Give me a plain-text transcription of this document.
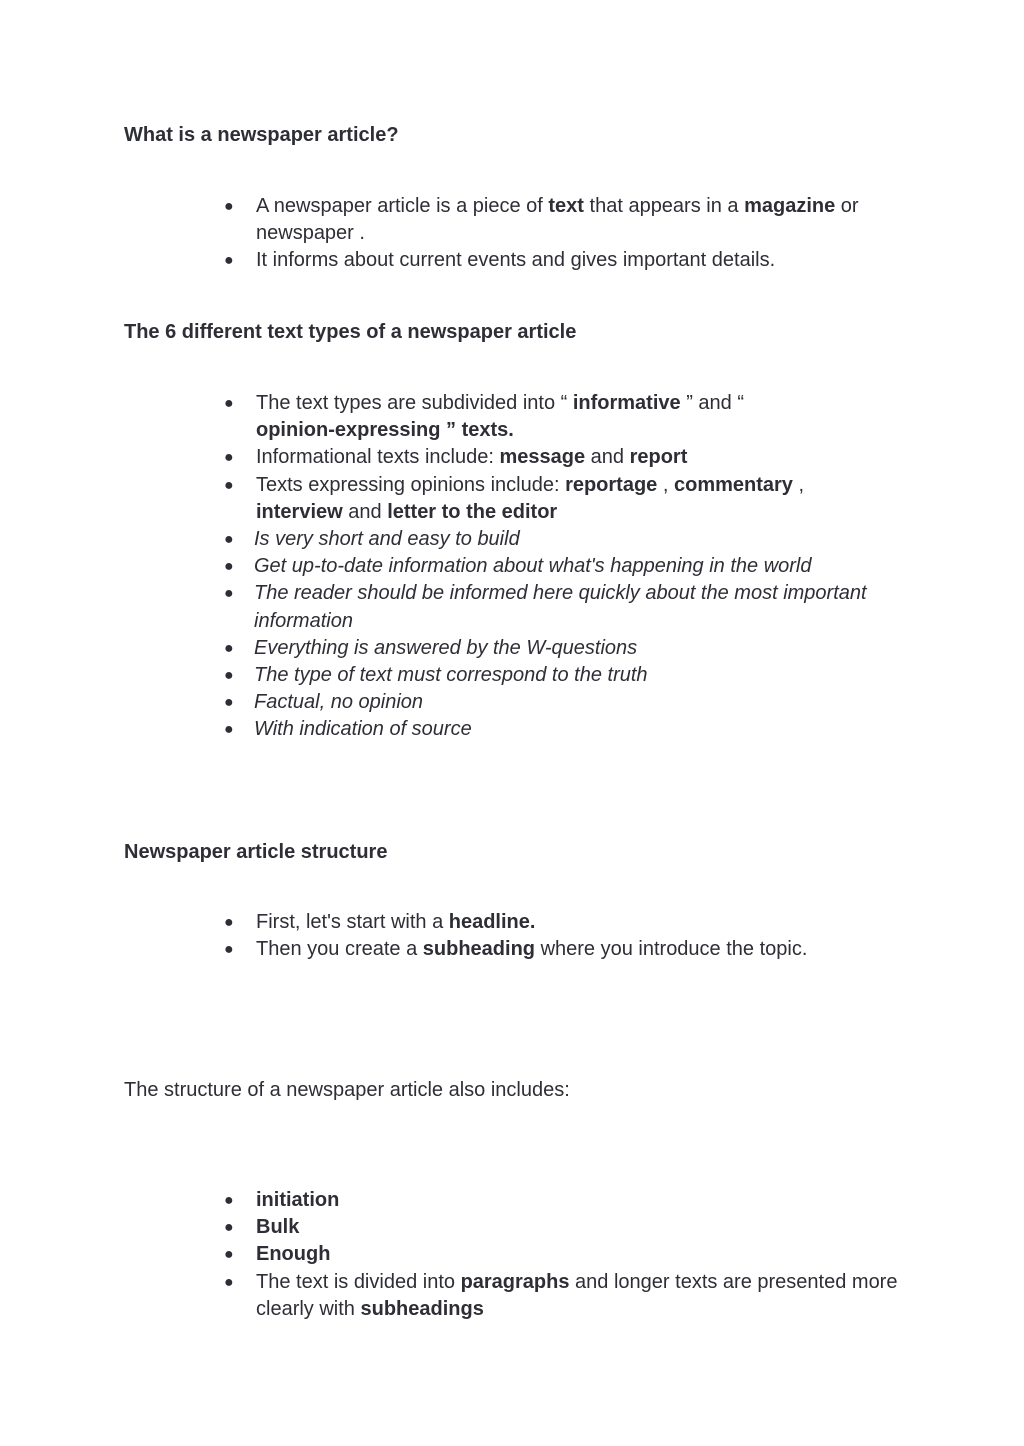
What is a newspaper article?
● A newspaper article is a piece of text that appears in a magazine or newspaper .
● It informs about current events and gives important details.
The 6 different text types of a newspaper article
● The text types are subdivided into “ informative ” and “
opinion-expressing ” texts.
● Informational texts include: message and report
● Texts expressing opinions include: reportage , commentary ,
interview and letter to the editor
● Is very short and easy to build
● Get up-to-date information about what's happening in the world
● The reader should be informed here quickly about the most important information
● Everything is answered by the W-questions
● The type of text must correspond to the truth
● Factual, no opinion
● With indication of source
Newspaper article structure
● First, let's start with a headline.
● Then you create a subheading where you introduce the topic.

The structure of a newspaper article also includes:

● initiation
● Bulk
● Enough
● The text is divided into paragraphs and longer texts are presented more clearly with subheadings
